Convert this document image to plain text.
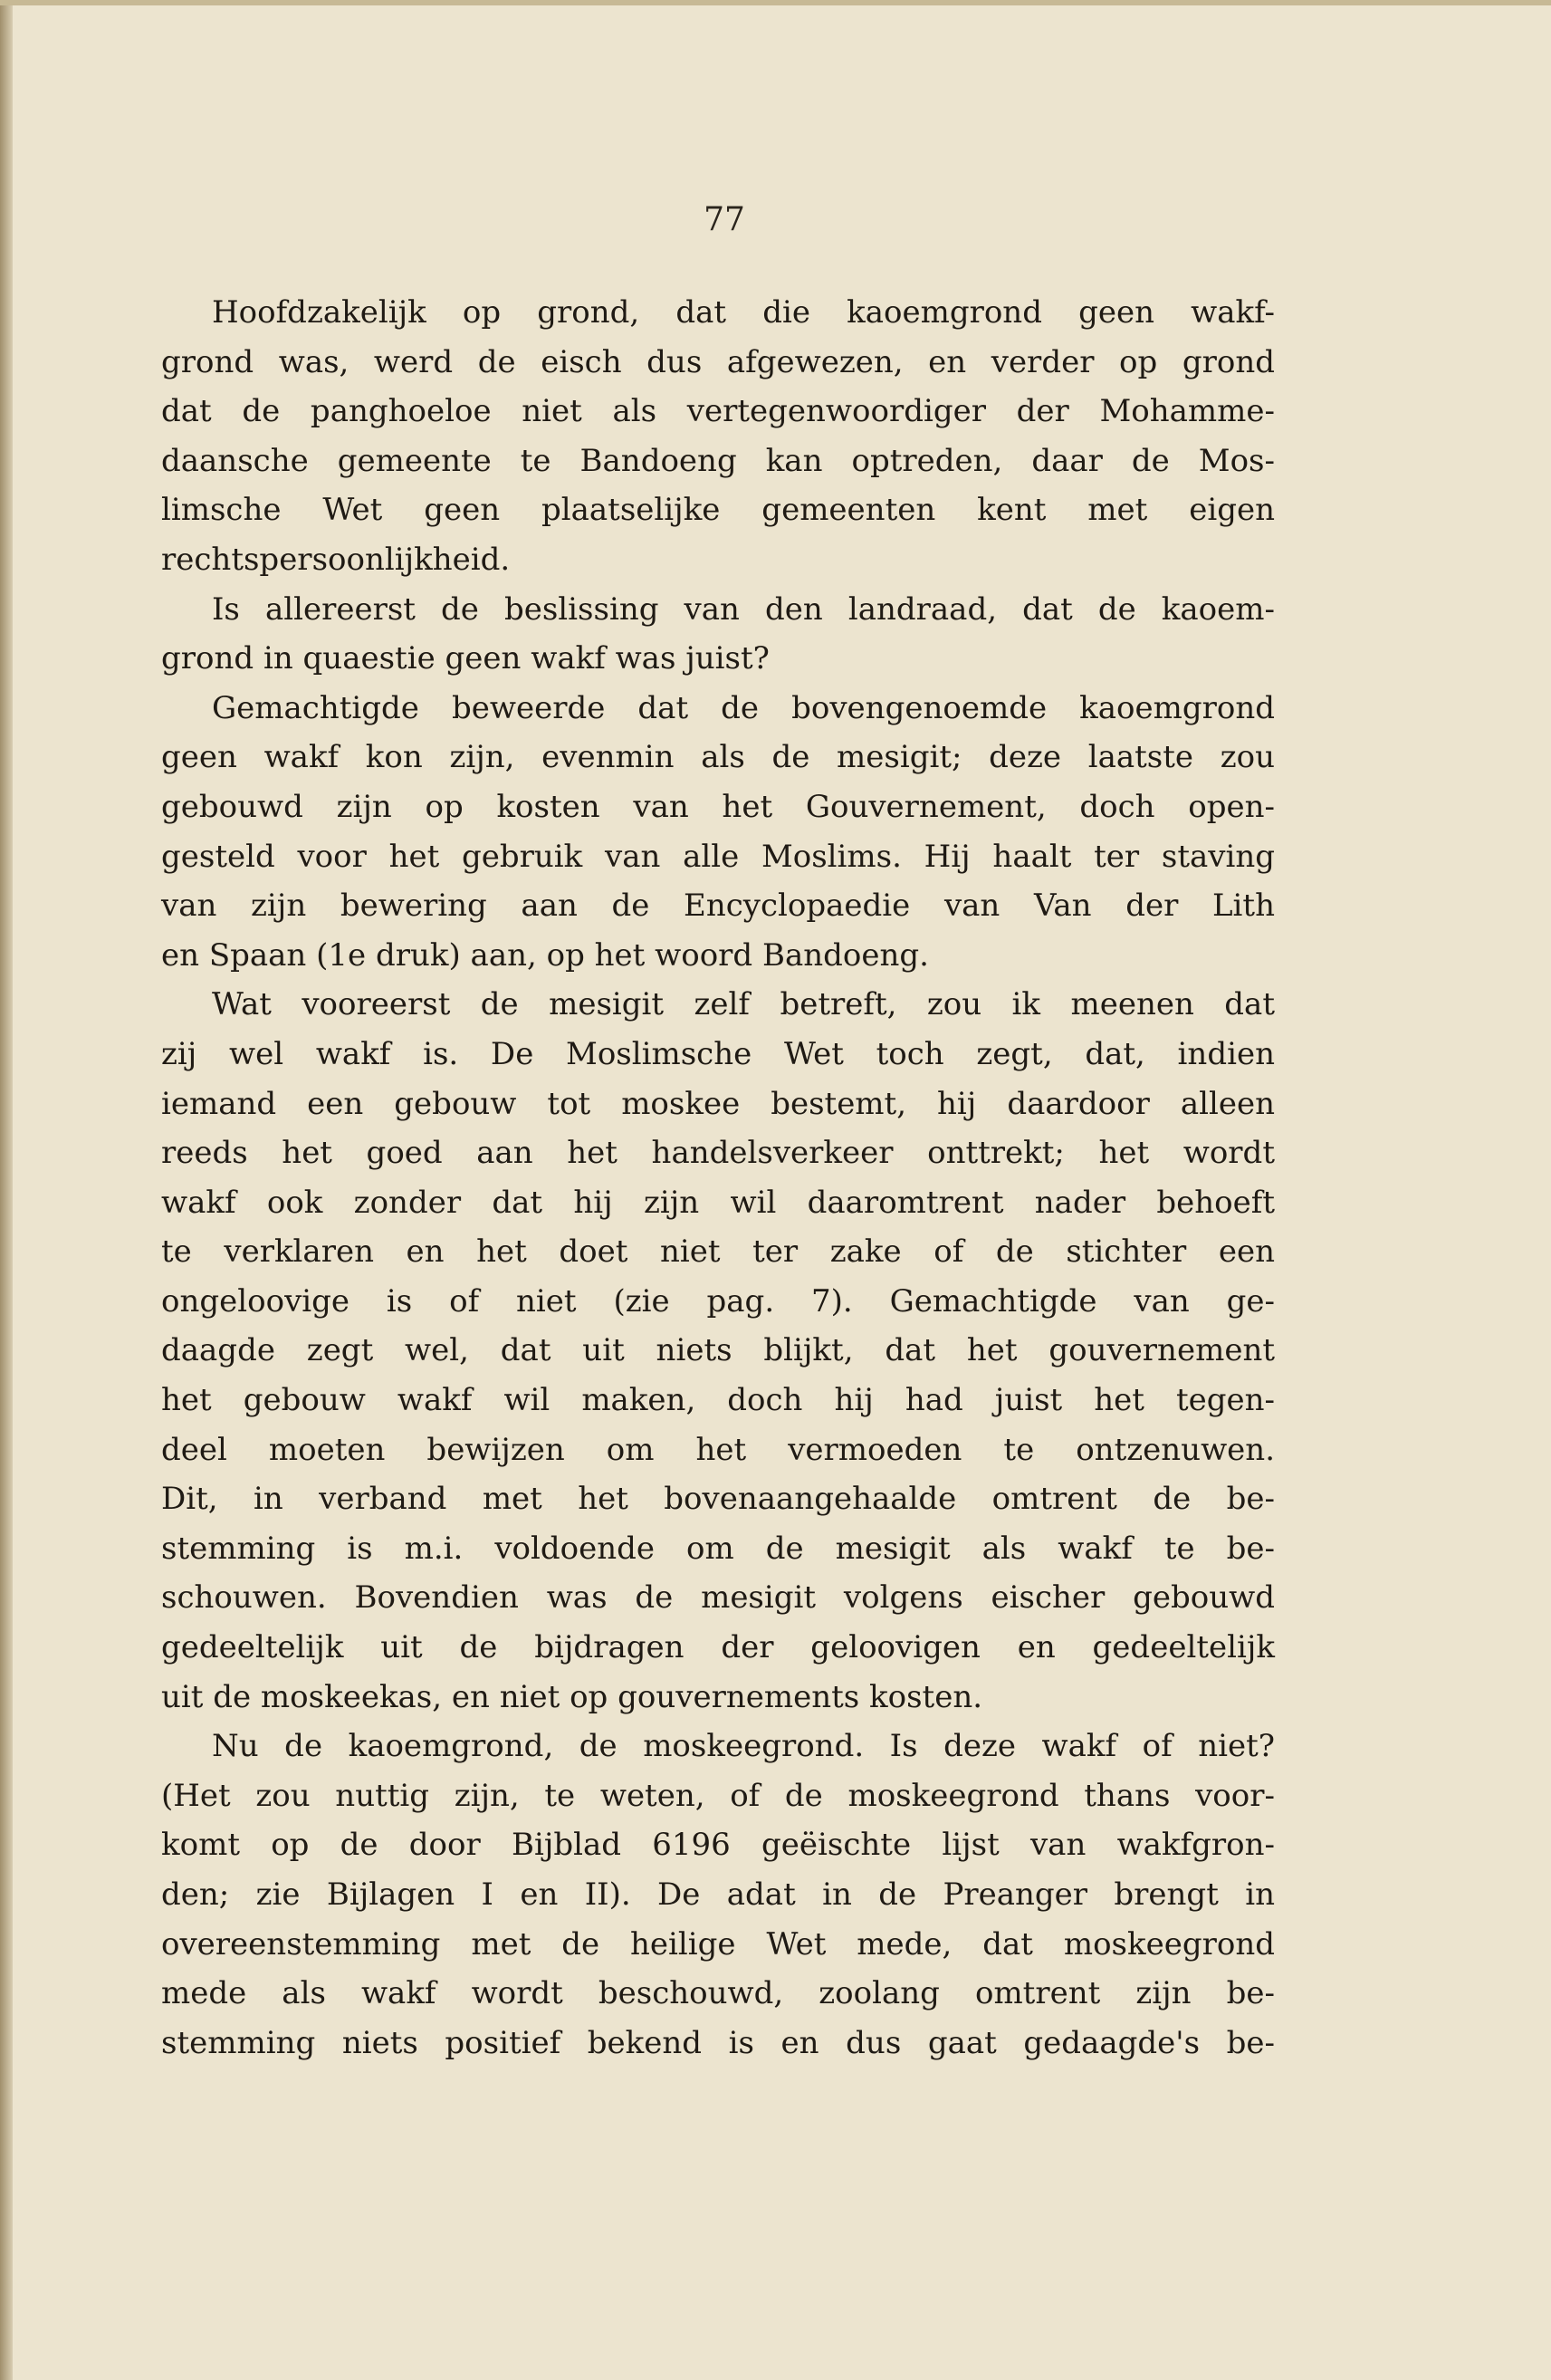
77
Hoofdzakelijk op grond, dat die kaoemgrond geen wakf-
grond was, werd de eisch dus afgewezen, en verder op grond
dat de panghoeloe niet als vertegenwoordiger der Mohamme-
daansche gemeente te Bandoeng kan optreden, daar de Mos-
limsche Wet geen plaatselijke gemeenten kent met eigen
rechtspersoonlijkheid.
Is allereerst de beslissing van den landraad, dat de kaoem-
grond in quaestie geen wakf was juist?
Gemachtigde beweerde dat de bovengenoemde kaoemgrond
geen wakf kon zijn, evenmin als de mesigit; deze laatste zou
gebouwd zijn op kosten van het Gouvernement, doch open-
gesteld voor het gebruik van alle Moslims. Hij haalt ter staving
van zijn bewering aan de Encyclopaedie van Van der Lith
en Spaan (1e druk) aan, op het woord Bandoeng.
Wat vooreerst de mesigit zelf betreft, zou ik meenen dat
zij wel wakf is. De Moslimsche Wet toch zegt, dat, indien
iemand een gebouw tot moskee bestemt, hij daardoor alleen
reeds het goed aan het handelsverkeer onttrekt; het wordt
wakf ook zonder dat hij zijn wil daaromtrent nader behoeft
te verklaren en het doet niet ter zake of de stichter een
ongeloovige is of niet (zie pag. 7). Gemachtigde van ge-
daagde zegt wel, dat uit niets blijkt, dat het gouvernement
het gebouw wakf wil maken, doch hij had juist het tegen-
deel moeten bewijzen om het vermoeden te ontzenuwen.
Dit, in verband met het bovenaangehaalde omtrent de be-
stemming is m.i. voldoende om de mesigit als wakf te be-
schouwen. Bovendien was de mesigit volgens eischer gebouwd
gedeeltelijk uit de bijdragen der geloovigen en gedeeltelijk
uit de moskeekas, en niet op gouvernements kosten.
Nu de kaoemgrond, de moskeegrond. Is deze wakf of niet?
(Het zou nuttig zijn, te weten, of de moskeegrond thans voor-
komt op de door Bijblad 6196 geëischte lijst van wakfgron-
den; zie Bijlagen I en II). De adat in de Preanger brengt in
overeenstemming met de heilige Wet mede, dat moskeegrond
mede als wakf wordt beschouwd, zoolang omtrent zijn be-
stemming niets positief bekend is en dus gaat gedaagde's be-
